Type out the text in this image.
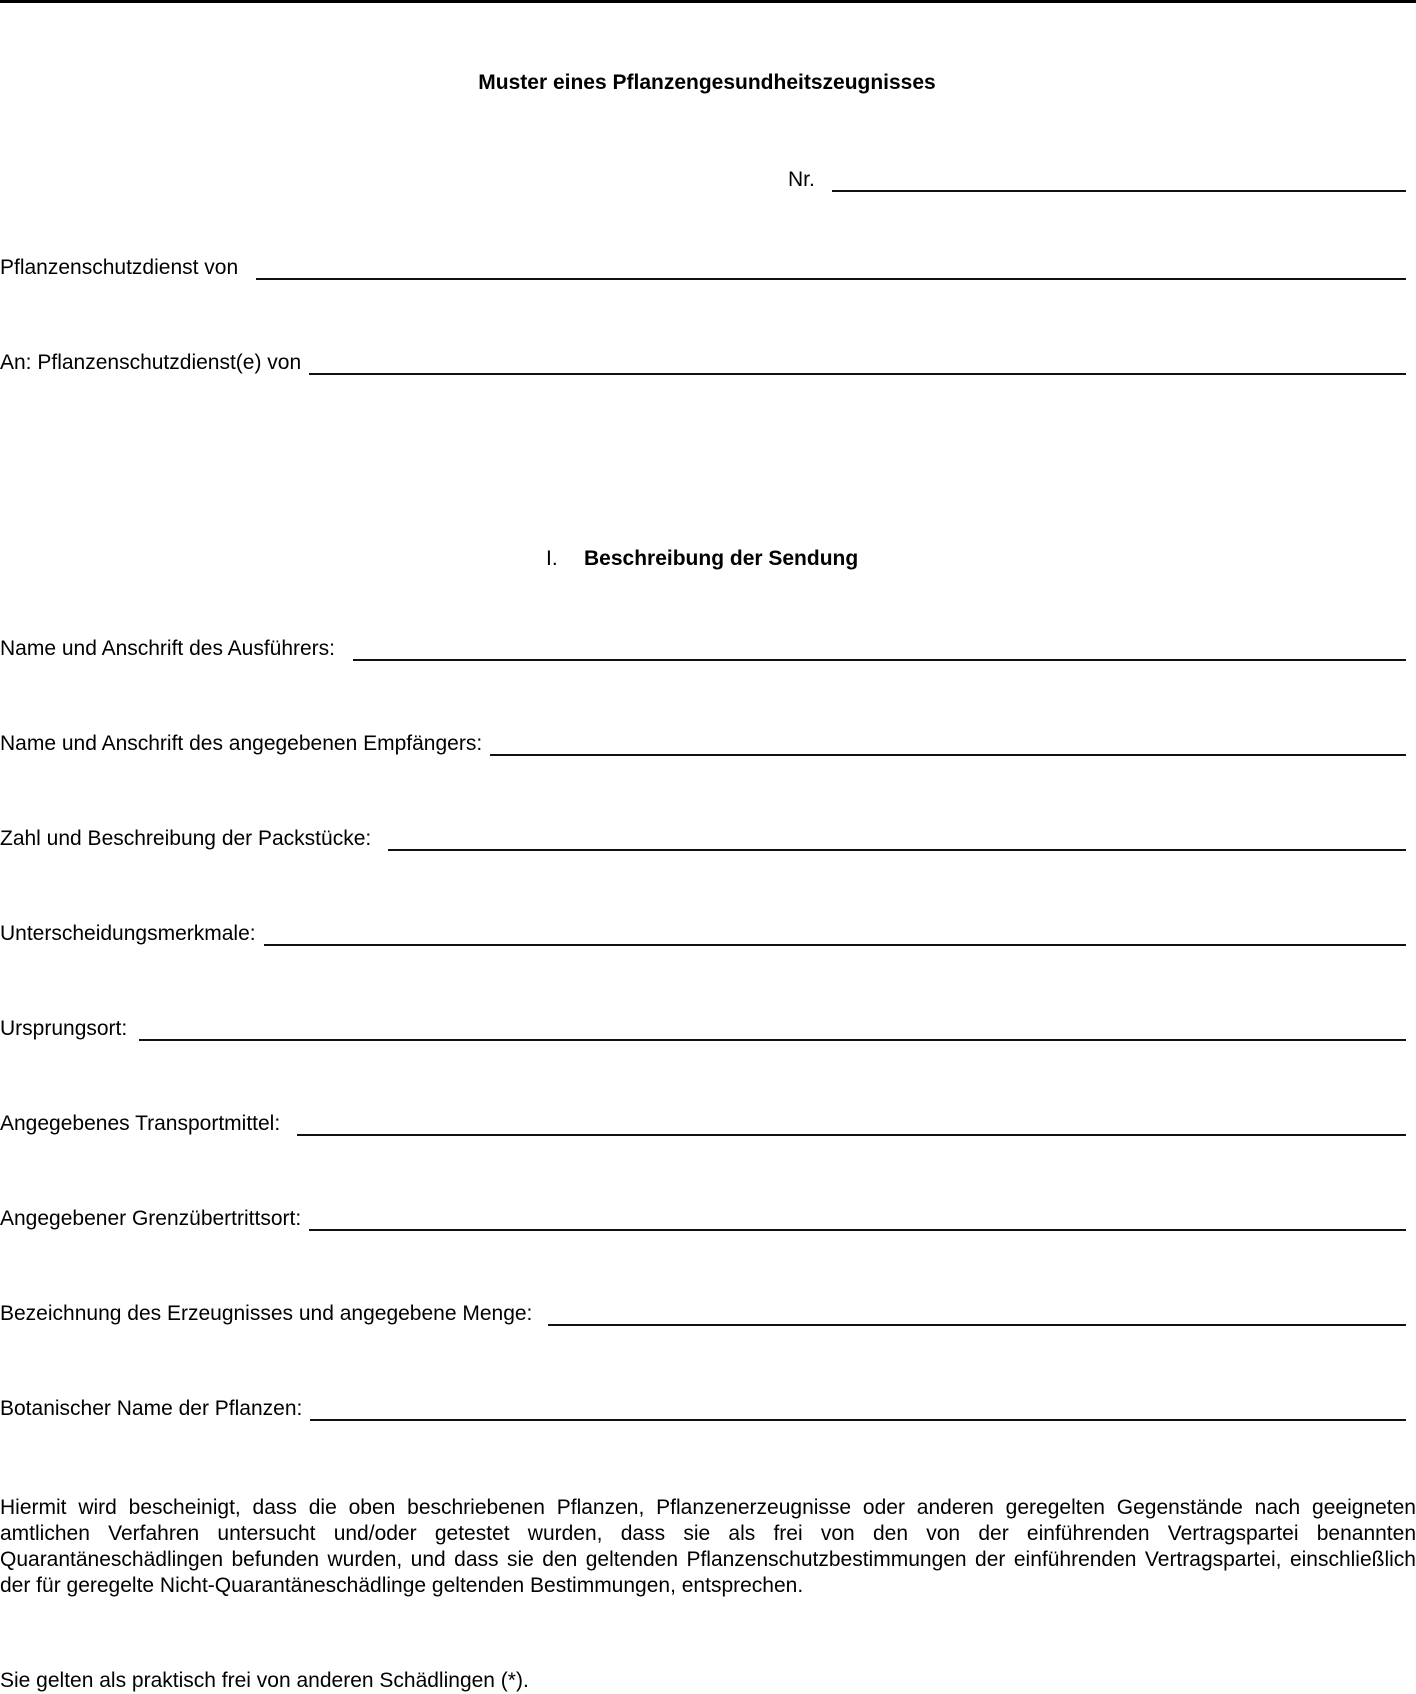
Muster eines Pflanzengesundheitszeugnisses
Nr.
Pflanzenschutzdienst von
An: Pflanzenschutzdienst(e) von
I.	Beschreibung der Sendung
Name und Anschrift des Ausführers:
Name und Anschrift des angegebenen Empfängers:
Zahl und Beschreibung der Packstücke:
Unterscheidungsmerkmale:
Ursprungsort:
Angegebenes Transportmittel:
Angegebener Grenzübertrittsort:
Bezeichnung des Erzeugnisses und angegebene Menge:
Botanischer Name der Pflanzen:
Hiermit wird bescheinigt, dass die oben beschriebenen Pflanzen, Pflanzenerzeugnisse oder anderen geregelten Gegenstände nach geeigneten amtlichen Verfahren untersucht und/oder getestet wurden, dass sie als frei von den von der einführenden Vertragspartei benannten Quarantäneschädlingen befunden wurden, und dass sie den geltenden Pflanzenschutzbestimmungen der einführenden Vertragspartei, einschließlich der für geregelte Nicht-Quarantäneschädlinge geltenden Bestimmungen, entsprechen.
Sie gelten als praktisch frei von anderen Schädlingen (*).
